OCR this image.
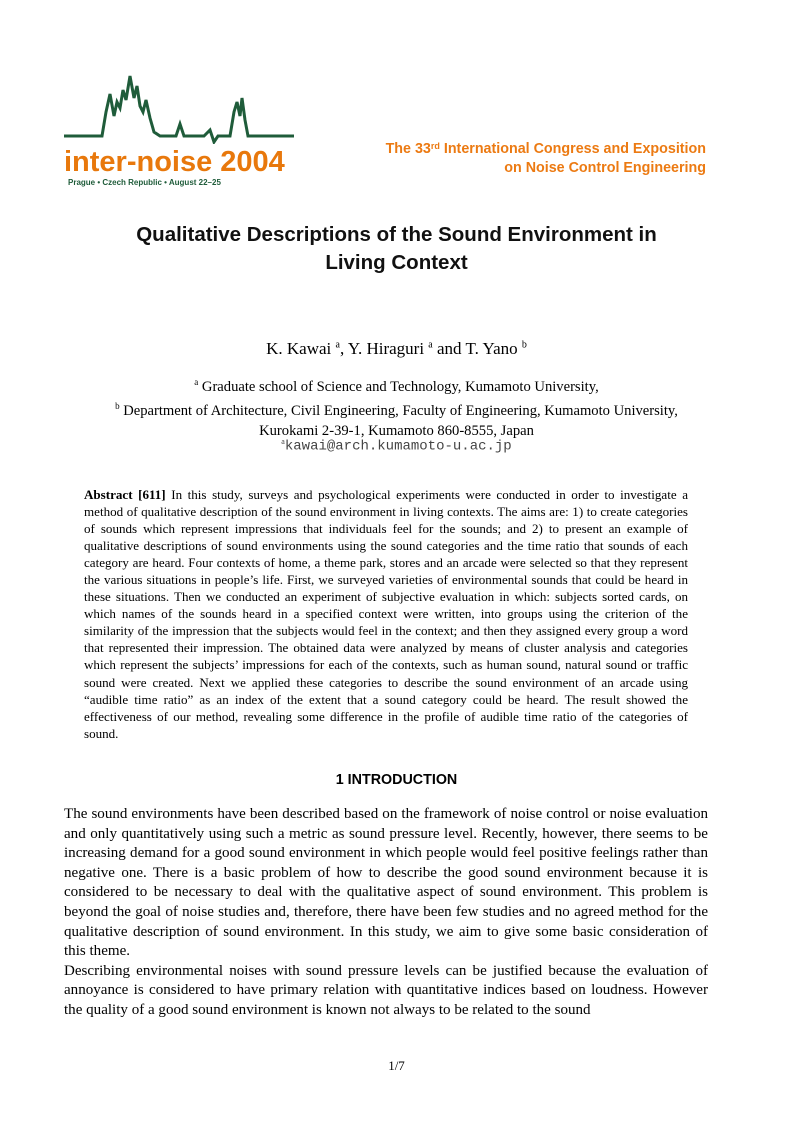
inter-noise 2004
Prague • Czech Republic • August 22–25
The 33rd International Congress and Exposition
on Noise Control Engineering
Qualitative Descriptions of the Sound Environment in
Living Context
K. Kawai $^a$, Y. Hiraguri $^a$ and T. Yano $^b$
$^a$ Graduate school of Science and Technology, Kumamoto University,
$^b$ Department of Architecture, Civil Engineering, Faculty of Engineering, Kumamoto University,
Kurokami 2-39-1, Kumamoto 860-8555, Japan
$^a$kawai@arch.kumamoto-u.ac.jp
Abstract [611] In this study, surveys and psychological experiments were conducted in order to investigate a method of qualitative description of the sound environment in living contexts. The aims are: 1) to create categories of sounds which represent impressions that individuals feel for the sounds; and 2) to present an example of qualitative descriptions of sound environments using the sound categories and the time ratio that sounds of each category are heard. Four contexts of home, a theme park, stores and an arcade were selected so that they represent the various situations in people’s life. First, we surveyed varieties of environmental sounds that could be heard in these situations. Then we conducted an experiment of subjective evaluation in which: subjects sorted cards, on which names of the sounds heard in a specified context were written, into groups using the criterion of the similarity of the impression that the subjects would feel in the context; and then they assigned every group a word that represented their impression. The obtained data were analyzed by means of cluster analysis and categories which represent the subjects’ impressions for each of the contexts, such as human sound, natural sound or traffic sound were created. Next we applied these categories to describe the sound environment of an arcade using “audible time ratio” as an index of the extent that a sound category could be heard. The result showed the effectiveness of our method, revealing some difference in the profile of audible time ratio of the categories of sound.
1 INTRODUCTION

The sound environments have been described based on the framework of noise control or noise evaluation and only quantitatively using such a metric as sound pressure level. Recently, however, there seems to be increasing demand for a good sound environment in which people would feel positive feelings rather than negative one. There is a basic problem of how to describe the good sound environment because it is considered to be necessary to deal with the qualitative aspect of sound environment. This problem is beyond the goal of noise studies and, therefore, there have been few studies and no agreed method for the qualitative description of sound environment. In this study, we aim to give some basic consideration of this theme.

Describing environmental noises with sound pressure levels can be justified because the evaluation of annoyance is considered to have primary relation with quantitative indices based on loudness. However the quality of a good sound environment is known not always to be related to the sound

1/7
